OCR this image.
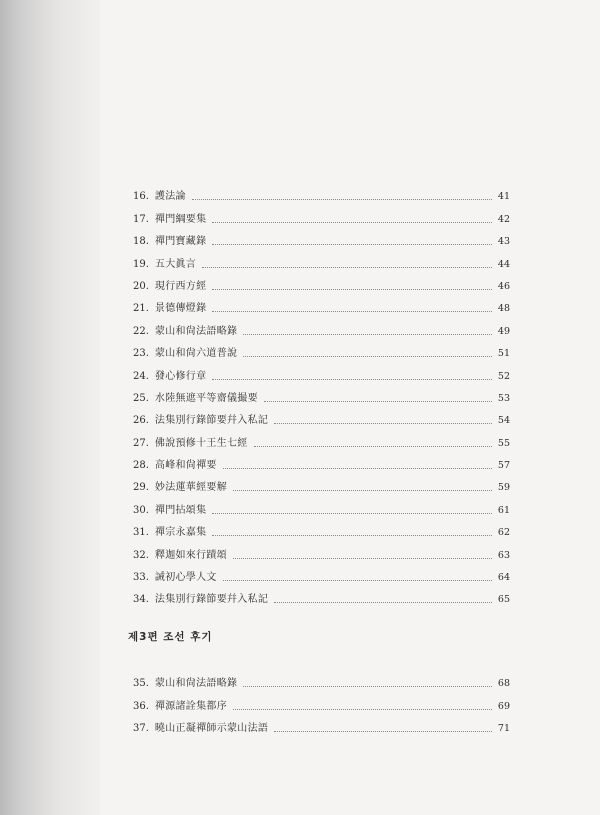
16. 護法論	41
17. 禪門綱要集	42
18. 禪門寶藏錄	43
19. 五大眞言	44
20. 現行西方經	46
21. 景德傳燈錄	48
22. 蒙山和尙法語略錄	49
23. 蒙山和尙六道普說	51
24. 發心修行章	52
25. 水陸無遮平等齋儀撮要	53
26. 法集別行錄節要幷入私記	54
27. 佛說預修十王生七經	55
28. 高峰和尙禪要	57
29. 妙法蓮華經要解	59
30. 禪門拈頌集	61
31. 禪宗永嘉集	62
32. 釋迦如來行蹟頌	63
33. 誡初心學人文	64
34. 法集別行錄節要幷入私記	65
제3편 조선 후기
35. 蒙山和尙法語略錄	68
36. 禪源諸詮集都序	69
37. 曉山正凝禪師示蒙山法語	71
